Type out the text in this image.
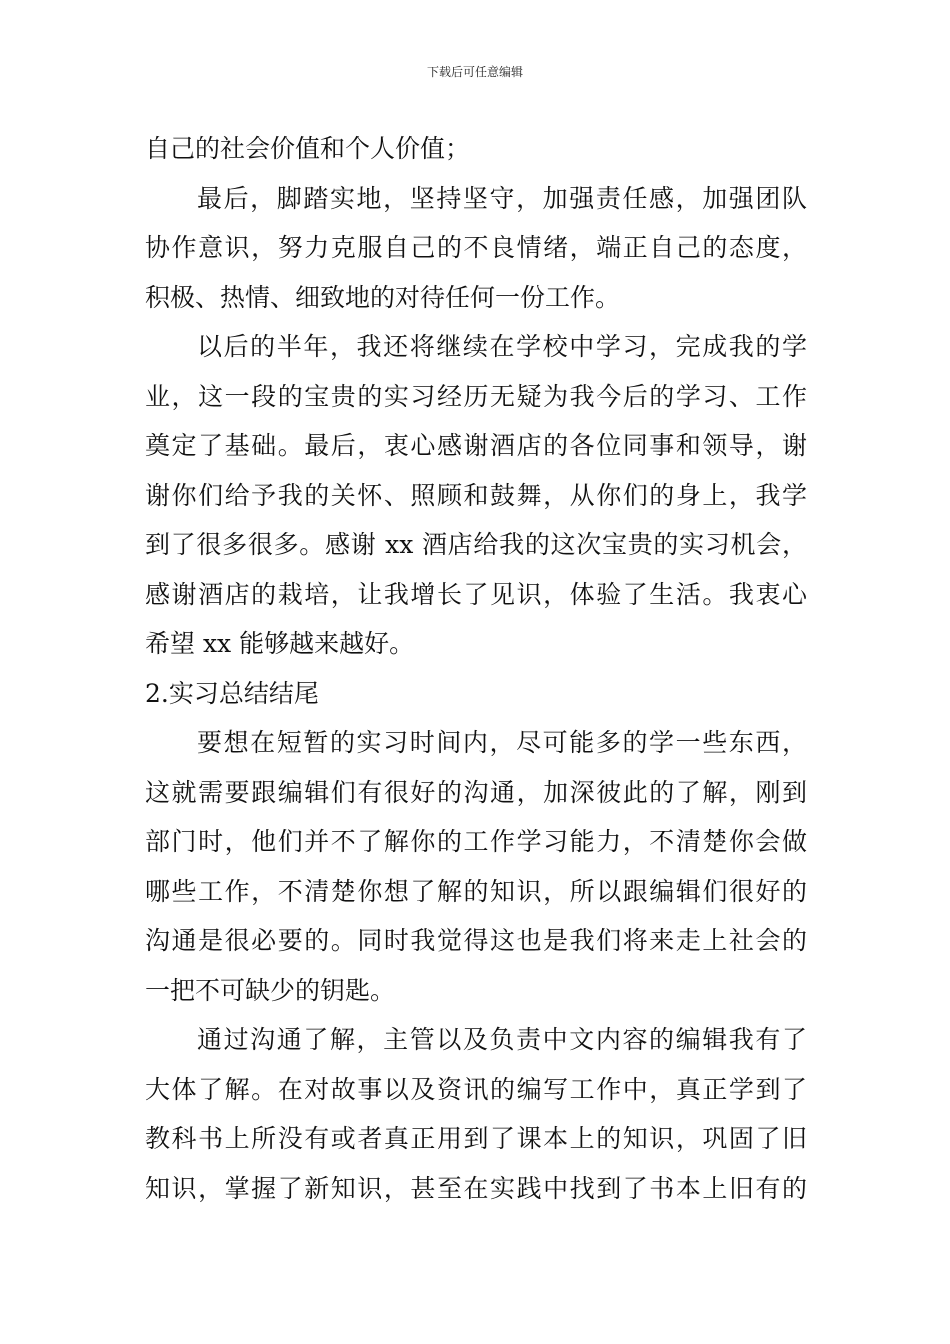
下载后可任意编辑
自己的社会价值和个人价值；
最后，脚踏实地，坚持坚守，加强责任感，加强团队
协作意识，努力克服自己的不良情绪，端正自己的态度，
积极、热情、细致地的对待任何一份工作。
以后的半年，我还将继续在学校中学习，完成我的学
业，这一段的宝贵的实习经历无疑为我今后的学习、工作
奠定了基础。最后，衷心感谢酒店的各位同事和领导，谢
谢你们给予我的关怀、照顾和鼓舞，从你们的身上，我学
到了很多很多。感谢 xx 酒店给我的这次宝贵的实习机会，
感谢酒店的栽培，让我增长了见识，体验了生活。我衷心
希望 xx 能够越来越好。
2.实习总结结尾
要想在短暂的实习时间内，尽可能多的学一些东西，
这就需要跟编辑们有很好的沟通，加深彼此的了解，刚到
部门时，他们并不了解你的工作学习能力，不清楚你会做
哪些工作，不清楚你想了解的知识，所以跟编辑们很好的
沟通是很必要的。同时我觉得这也是我们将来走上社会的
一把不可缺少的钥匙。
通过沟通了解，主管以及负责中文内容的编辑我有了
大体了解。在对故事以及资讯的编写工作中，真正学到了
教科书上所没有或者真正用到了课本上的知识，巩固了旧
知识，掌握了新知识，甚至在实践中找到了书本上旧有的
